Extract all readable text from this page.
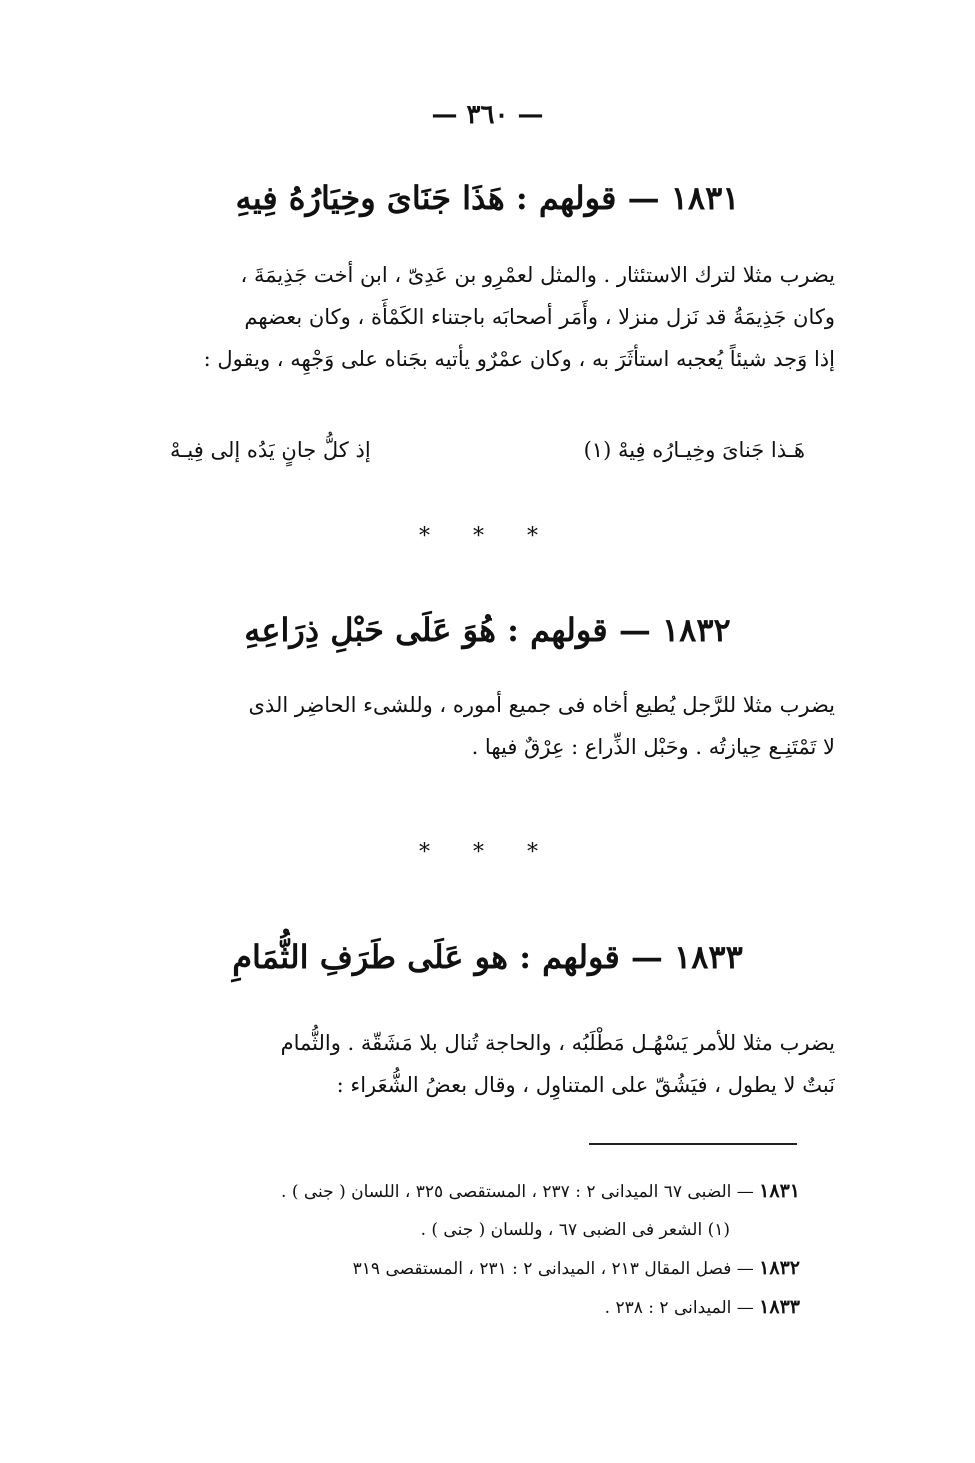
— ٣٦٠ —
١٨٣١ — قولهم : هَذَا جَنَاىَ وخِيَارُهُ فِيهِ
يضرب مثلا لترك الاستئثار . والمثل لعمْرِو بن عَدِىّ ، ابن أخت جَذِيمَةَ ،
وكان جَذِيمَةُ قد نَزل منزلا ، وأَمَر أصحابَه باجتناء الكَمْأَة ، وكان بعضهم
إذا وَجد شيئاً يُعجبه استأثَرَ به ، وكان عمْرٌو يأتيه بجَناه على وَجْهِه ، ويقول :
هَـذا جَناىَ وخِيـارُه فِيهْ (١)
إذ كلُّ جانٍ يَدُه إلى فِيـهْ
* * *
١٨٣٢ — قولهم : هُوَ عَلَى حَبْلِ ذِرَاعِهِ
يضرب مثلا للرَّجل يُطيع أخاه فى جميع أموره ، وللشىء الحاضِر الذى
لا تَمْتَنِـع حِيازتُه . وحَبْل الذِّراع : عِرْقٌ فيها .
* * *
١٨٣٣ — قولهم : هو عَلَى طَرَفِ الثُّمَامِ
يضرب مثلا للأمر يَسْهُـل مَطْلَبُه ، والحاجة تُنال بلا مَشَقّة . والثُّمام
نَبتٌ لا يطول ، فيَشُقّ على المتناوِل ، وقال بعضُ الشُّعَراء :
١٨٣١ — الضبى ٦٧ الميدانى ٢ : ٢٣٧ ، المستقصى ٣٢٥ ، اللسان ( جنى ) .
(١) الشعر فى الضبى ٦٧ ، وللسان ( جنى ) .
١٨٣٢ — فصل المقال ٢١٣ ، الميدانى ٢ : ٢٣١ ، المستقصى ٣١٩
١٨٣٣ — الميدانى ٢ : ٢٣٨ .
